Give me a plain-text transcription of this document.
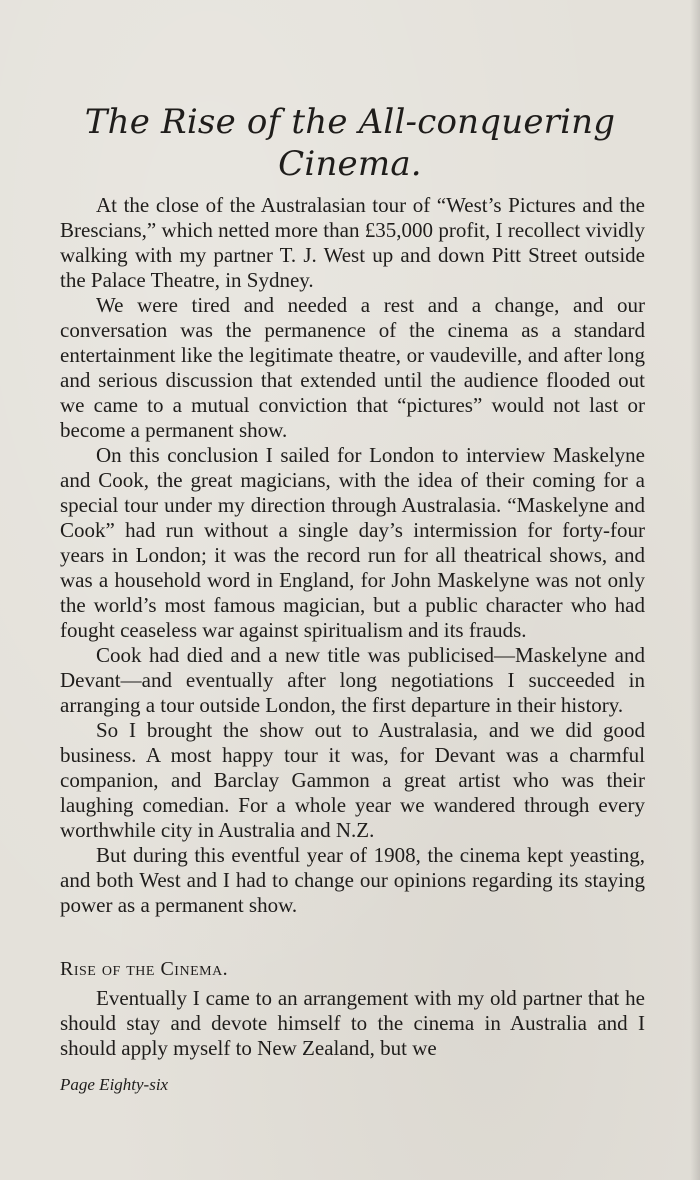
The Rise of the All-conquering
Cinema.

At the close of the Australasian tour of “West’s Pictures and the Brescians,” which netted more than £35,000 profit, I recollect vividly walking with my partner T. J. West up and down Pitt Street outside the Palace Theatre, in Sydney.

We were tired and needed a rest and a change, and our conversation was the permanence of the cinema as a standard entertainment like the legitimate theatre, or vaudeville, and after long and serious discussion that extended until the audience flooded out we came to a mutual conviction that “pictures” would not last or become a permanent show.

On this conclusion I sailed for London to interview Maskelyne and Cook, the great magicians, with the idea of their coming for a special tour under my direction through Australasia. “Maskelyne and Cook” had run without a single day’s intermission for forty-four years in London; it was the record run for all theatrical shows, and was a household word in England, for John Maskelyne was not only the world’s most famous magician, but a public character who had fought ceaseless war against spiritualism and its frauds.

Cook had died and a new title was publicised—Maskelyne and Devant—and eventually after long negotiations I succeeded in arranging a tour outside London, the first departure in their history.

So I brought the show out to Australasia, and we did good business. A most happy tour it was, for Devant was a charmful companion, and Barclay Gammon a great artist who was their laughing comedian. For a whole year we wandered through every worthwhile city in Australia and N.Z.

But during this eventful year of 1908, the cinema kept yeasting, and both West and I had to change our opinions regarding its staying power as a permanent show.

Rise of the Cinema.

Eventually I came to an arrangement with my old partner that he should stay and devote himself to the cinema in Australia and I should apply myself to New Zealand, but we

Page Eighty-six
